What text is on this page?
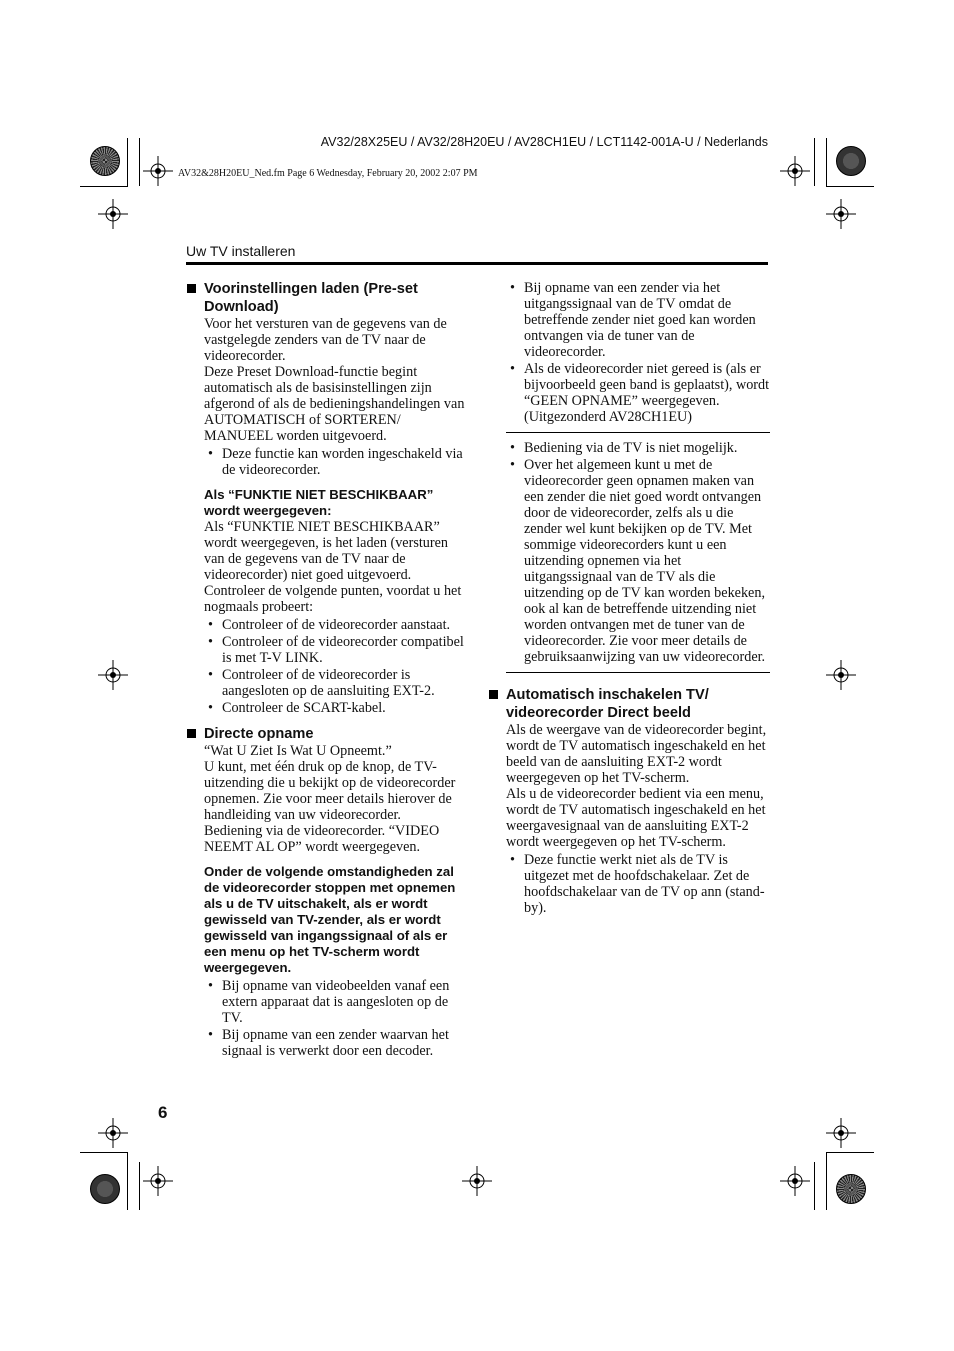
AV32/28X25EU / AV32/28H20EU / AV28CH1EU / LCT1142-001A-U / Nederlands
AV32&28H20EU_Ned.fm Page 6 Wednesday, February 20, 2002 2:07 PM
Uw TV installeren
Voorinstellingen laden (Pre-set Download)

Voor het versturen van de gegevens van de vastgelegde zenders van de TV naar de videorecorder.

Deze Preset Download-functie begint automatisch als de basisinstellingen zijn afgerond of als de bedieningshandelingen van AUTOMATISCH of SORTEREN/ MANUEEL worden uitgevoerd.

• Deze functie kan worden ingeschakeld via de videorecorder.

Als “FUNKTIE NIET BESCHIKBAAR” wordt weergegeven:

Als “FUNKTIE NIET BESCHIKBAAR” wordt weergegeven, is het laden (versturen van de gegevens van de TV naar de videorecorder) niet goed uitgevoerd. Controleer de volgende punten, voordat u het nogmaals probeert:

• Controleer of de videorecorder aanstaat.
• Controleer of de videorecorder compatibel is met T-V LINK.
• Controleer of de videorecorder is aangesloten op de aansluiting EXT-2.
• Controleer de SCART-kabel.
Directe opname

“Wat U Ziet Is Wat U Opneemt.”

U kunt, met één druk op de knop, de TV-uitzending die u bekijkt op de videorecorder opnemen. Zie voor meer details hierover de handleiding van uw videorecorder.

Bediening via de videorecorder. “VIDEO NEEMT AL OP” wordt weergegeven.

Onder de volgende omstandigheden zal de videorecorder stoppen met opnemen als u de TV uitschakelt, als er wordt gewisseld van TV-zender, als er wordt gewisseld van ingangssignaal of als er een menu op het TV-scherm wordt weergegeven.

• Bij opname van videobeelden vanaf een extern apparaat dat is aangesloten op de TV.
• Bij opname van een zender waarvan het signaal is verwerkt door een decoder.
• Bij opname van een zender via het uitgangssignaal van de TV omdat de betreffende zender niet goed kan worden ontvangen via de tuner van de videorecorder.
• Als de videorecorder niet gereed is (als er bijvoorbeeld geen band is geplaatst), wordt “GEEN OPNAME” weergegeven. (Uitgezonderd AV28CH1EU)
• Bediening via de TV is niet mogelijk.
• Over het algemeen kunt u met de videorecorder geen opnamen maken van een zender die niet goed wordt ontvangen door de videorecorder, zelfs als u die zender wel kunt bekijken op de TV. Met sommige videorecorders kunt u een uitzending opnemen via het uitgangssignaal van de TV als die uitzending op de TV kan worden bekeken, ook al kan de betreffende uitzending niet worden ontvangen met de tuner van de videorecorder. Zie voor meer details de gebruiksaanwijzing van uw videorecorder.
Automatisch inschakelen TV/ videorecorder Direct beeld

Als de weergave van de videorecorder begint, wordt de TV automatisch ingeschakeld en het beeld van de aansluiting EXT-2 wordt weergegeven op het TV-scherm.

Als u de videorecorder bedient via een menu, wordt de TV automatisch ingeschakeld en het weergavesignaal van de aansluiting EXT-2 wordt weergegeven op het TV-scherm.

• Deze functie werkt niet als de TV is uitgezet met de hoofdschakelaar. Zet de hoofdschakelaar van de TV op ann (stand-by).
6
